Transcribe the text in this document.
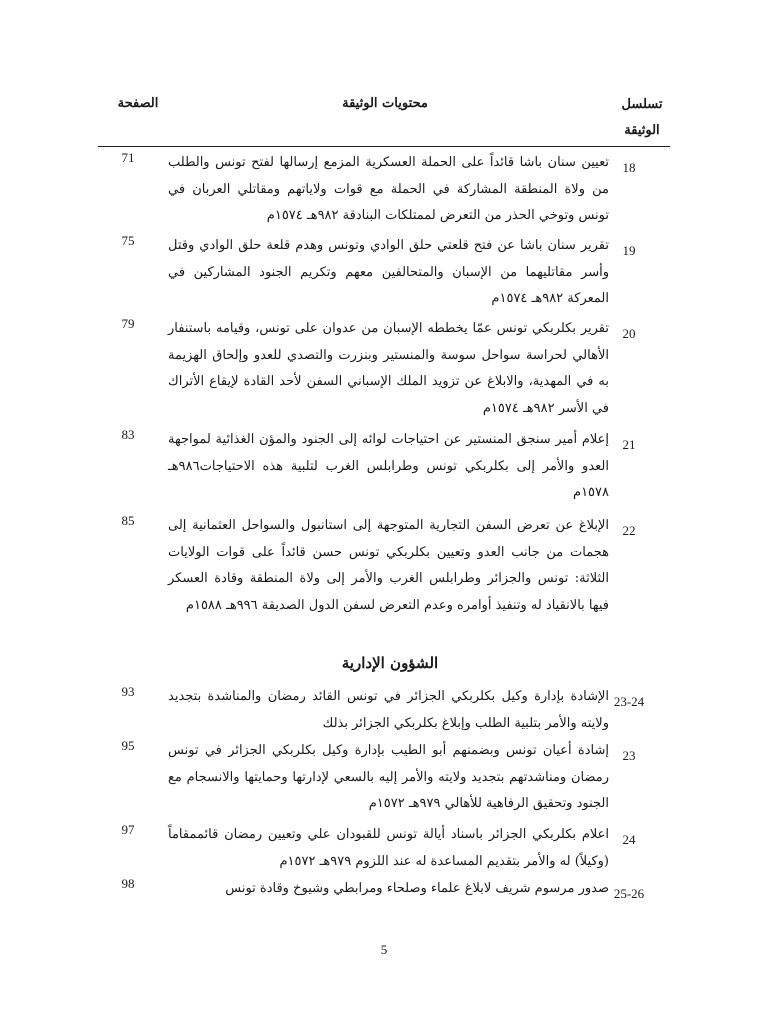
تسلسل الوثيقة
محتويات الوثيقة
الصفحة
18
تعيين سنان باشا قائداً على الحملة العسكرية المزمع إرسالها لفتح تونس والطلب من ولاة المنطقة المشاركة في الحملة مع قوات ولاياتهم ومقاتلي العربان في تونس وتوخي الحذر من التعرض لممتلكات البنادقة ٩٨٢هـ ١٥٧٤م
71
19
تقرير سنان باشا عن فتح قلعتي حلق الوادي وتونس وهدم قلعة حلق الوادي وقتل وأسر مقاتليهما من الإسبان والمتحالفين معهم وتكريم الجنود المشاركين في المعركة ٩٨٢هـ ١٥٧٤م
75
20
تقرير بكلربكي تونس عمّا يخططه الإسبان من عدوان على تونس، وقيامه باستنفار الأهالي لحراسة سواحل سوسة والمنستير وبنزرت والتصدي للعدو وإلحاق الهزيمة به في المهدية، والابلاغ عن تزويد الملك الإسباني السفن لأحد القادة لإيقاع الأتراك في الأسر ٩٨٢هـ ١٥٧٤م
79
21
إعلام أمير سنجق المنستير عن احتياجات لوائه إلى الجنود والمؤن الغذائية لمواجهة العدو والأمر إلى بكلربكي تونس وطرابلس الغرب لتلبية هذه الاحتياجات٩٨٦هـ ١٥٧٨م
83
22
الإبلاغ عن تعرض السفن التجارية المتوجهة إلى استانبول والسواحل العثمانية إلى هجمات من جانب العدو وتعيين بكلربكي تونس حسن قائداً على قوات الولايات الثلاثة: تونس والجزائر وطرابلس الغرب والأمر إلى ولاة المنطقة وقادة العسكر فيها بالانقياد له وتنفيذ أوامره وعدم التعرض لسفن الدول الصديقة ٩٩٦هـ ١٥٨٨م
85
الشؤون الإدارية
23-24
الإشادة بإدارة وكيل بكلربكي الجزائر في تونس القائد رمضان والمناشدة بتجديد ولايته والأمر بتلبية الطلب وإبلاغ بكلربكي الجزائر بذلك
93
23
إشادة أعيان تونس وبضمنهم أبو الطيب بإدارة وكيل بكلربكي الجزائر في تونس رمضان ومناشدتهم بتجديد ولايته والأمر إليه بالسعي لإدارتها وحمايتها والانسجام مع الجنود وتحقيق الرفاهية للأهالي ٩٧٩هـ ١٥٧٢م
95
24
اعلام بكلربكي الجزائر باسناد أيالة تونس للقبودان علي وتعيين رمضان قائممقاماً (وكيلاً) له والأمر بتقديم المساعدة له عند اللزوم ٩٧٩هـ ١٥٧٢م
97
25-26
صدور مرسوم شريف لابلاغ علماء وصلحاء ومرابطي وشيوخ وقادة تونس
98
5
